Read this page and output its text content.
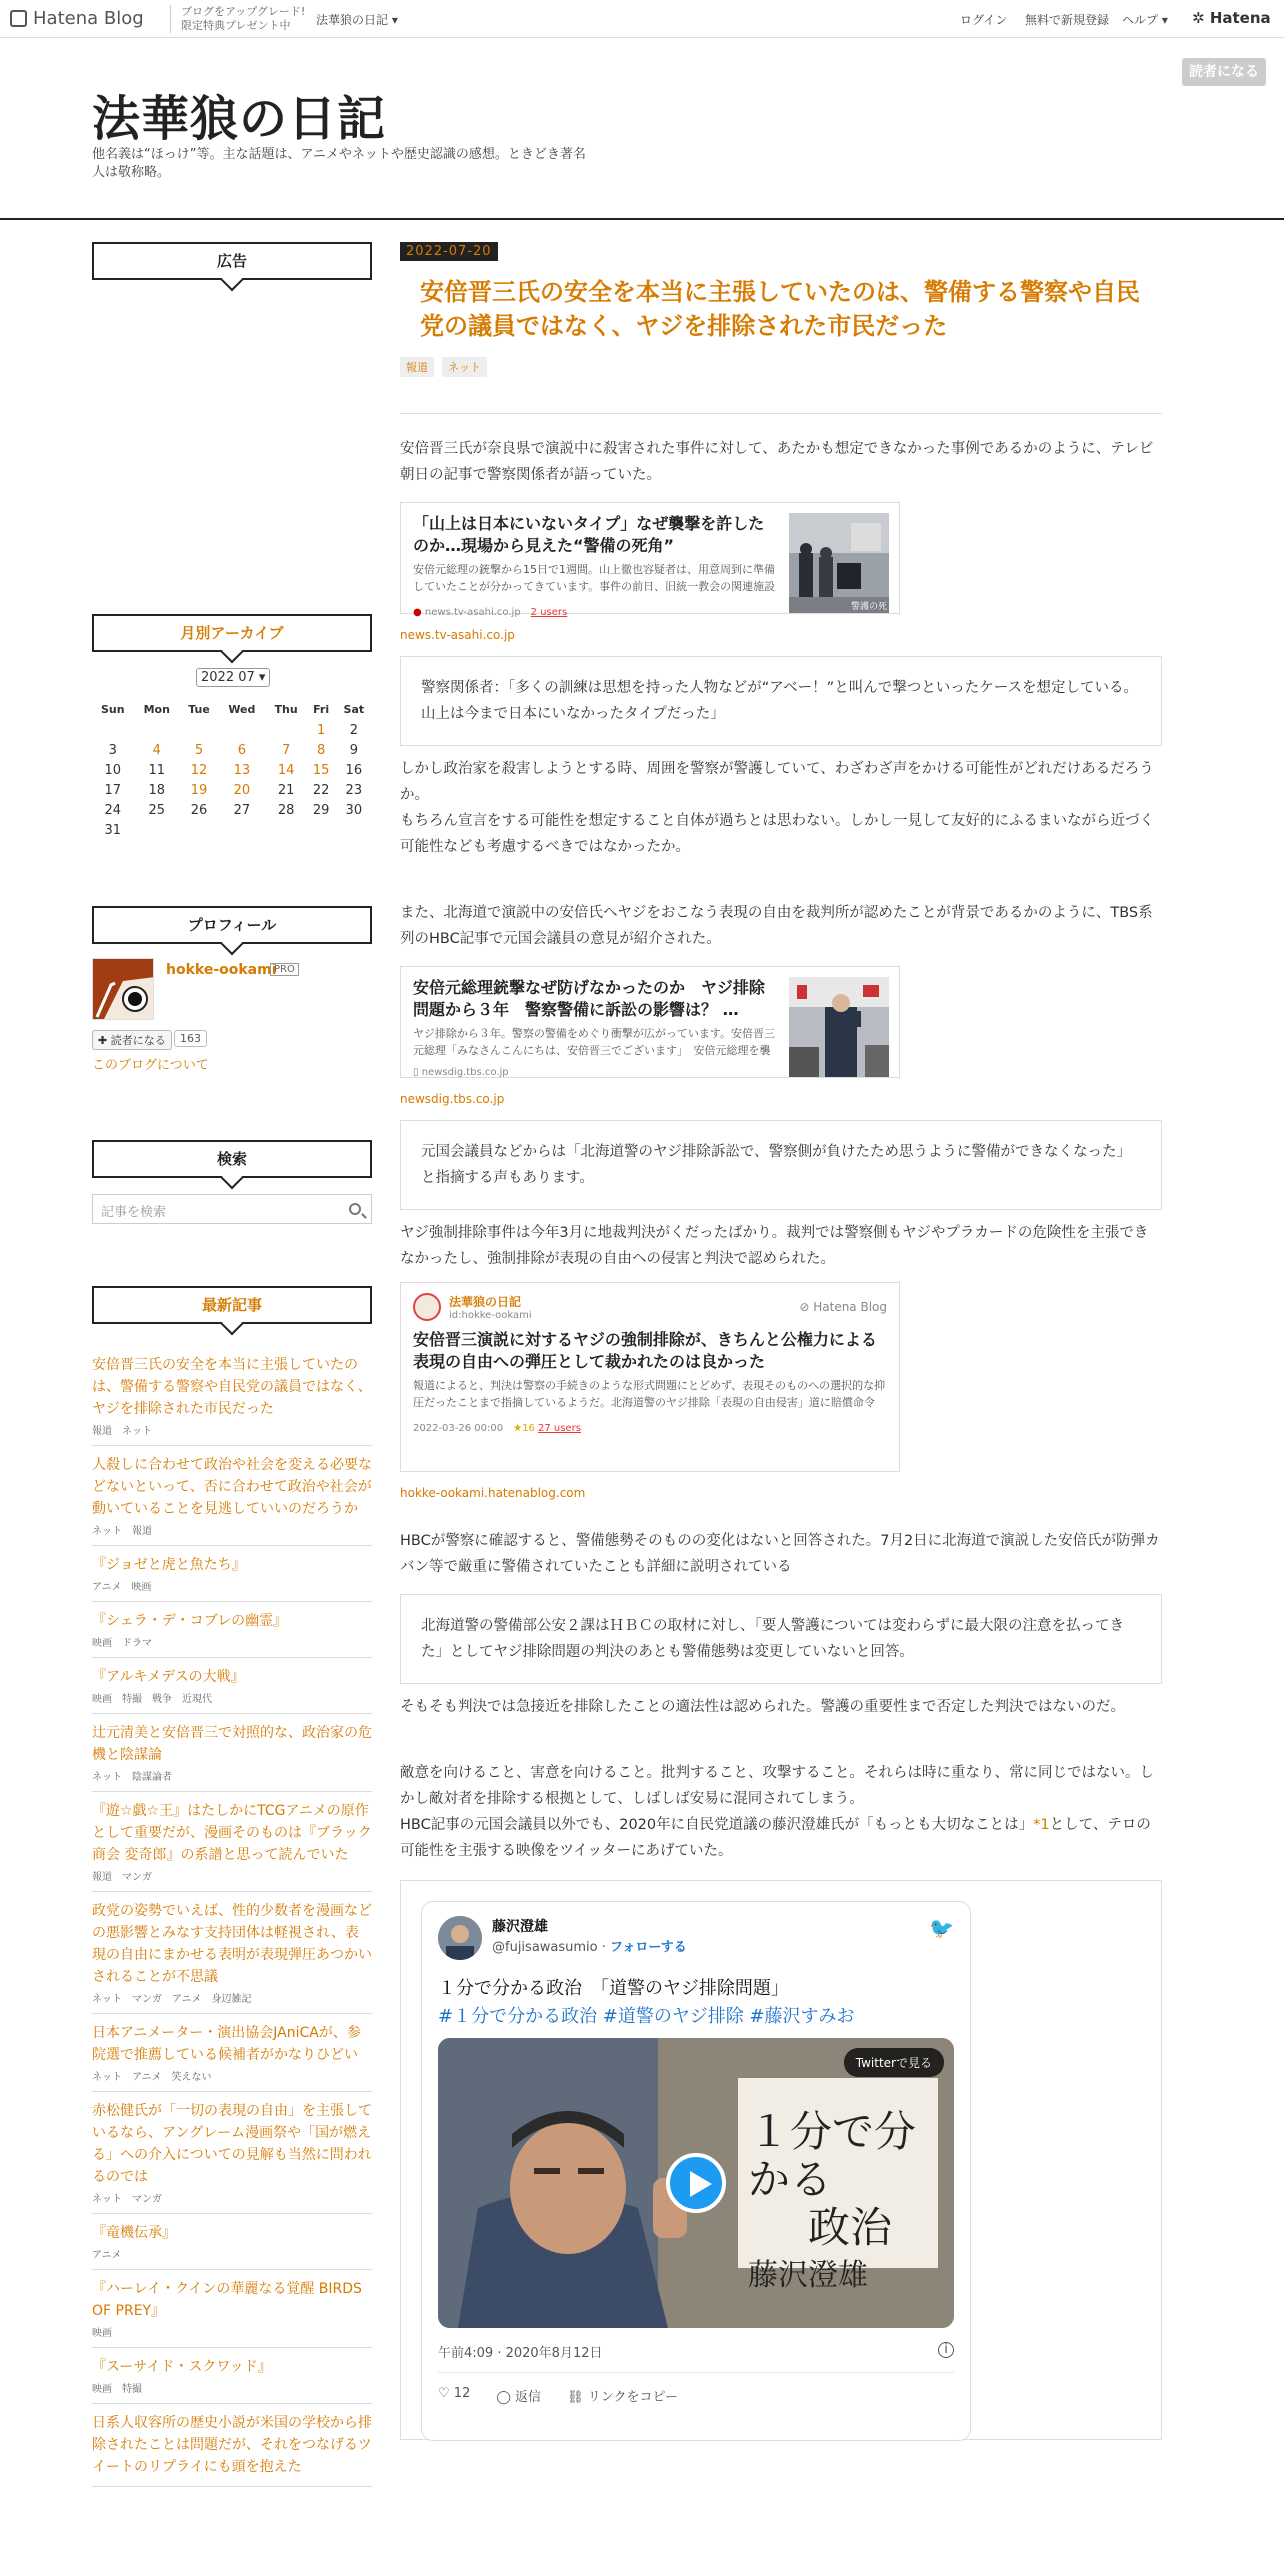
Hatena Blog	ブログをアップグレード!
限定特典プレゼント中	法華狼の日記 ▾	ログイン 無料で新規登録 ヘルプ ▾ ✲ Hatena
読者になる
法華狼の日記
他名義は“ほっけ”等。主な話題は、アニメやネットや歴史認識の感想。ときどき著名人は敬称略。
広告
月別アーカイブ
2022 07 ▾
Sun	Mon	Tue	Wed	Thu	Fri	Sat
					1	2
3	4	5	6	7	8	9
10	11	12	13	14	15	16
17	18	19	20	21	22	23
24	25	26	27	28	29	30
31						
プロフィール
hokke-ookami
PRO
✚ 読者になる	163
このブログについて
検索
記事を検索
最新記事
安倍晋三氏の安全を本当に主張していたのは、警備する警察や自民党の議員ではなく、ヤジを排除された市民だった
報道 ネット
人殺しに合わせて政治や社会を変える必要などないといって、否に合わせて政治や社会が動いていることを見逃していいのだろうか
ネット 報道
『ジョゼと虎と魚たち』
アニメ 映画
『シェラ・デ・コブレの幽霊』
映画 ドラマ
『アルキメデスの大戦』
映画 特撮 戦争 近現代
辻元清美と安倍晋三で対照的な、政治家の危機と陰謀論
ネット 陰謀論者
『遊☆戯☆王』はたしかにTCGアニメの原作として重要だが、漫画そのものは『ブラック商会 変奇郎』の系譜と思って読んでいた
報道 マンガ
政党の姿勢でいえば、性的少数者を漫画などの悪影響とみなす支持団体は軽視され、表現の自由にまかせる表明が表現弾圧あつかいされることが不思議
ネット マンガ アニメ 身辺雑記
日本アニメーター・演出協会JAniCAが、参院選で推薦している候補者がかなりひどい
ネット アニメ 笑えない
赤松健氏が「一切の表現の自由」を主張しているなら、アングレーム漫画祭や「国が燃える」への介入についての見解も当然に問われるのでは
ネット マンガ
『竜機伝承』
アニメ
『ハーレイ・クインの華麗なる覚醒 BIRDS OF PREY』
映画
『スーサイド・スクワッド』
映画 特撮
日系人収容所の歴史小説が米国の学校から排除されたことは問題だが、それをつなげるツイートのリプライにも頭を抱えた
2022-07-20
安倍晋三氏の安全を本当に主張していたのは、警備する警察や自民党の議員ではなく、ヤジを排除された市民だった
報道	ネット

安倍晋三氏が奈良県で演説中に殺害された事件に対して、あたかも想定できなかった事例であるかのように、テレビ朝日の記事で警察関係者が語っていた。

「山上は日本にいないタイプ」なぜ襲撃を許したのか…現場から見えた“警備の死角”
安倍元総理の銃撃から15日で1週間。山上徹也容疑者は、用意周到に準備していたことが分かってきています。事件の前日、旧統一教会の関連施設
● news.tv-asahi.co.jp　 2 users	警護の死
news.tv-asahi.co.jp
警察関係者：「多くの訓練は思想を持った人物などが“アベー！”と叫んで撃つといったケースを想定している。山上は今まで日本にいなかったタイプだった」

しかし政治家を殺害しようとする時、周囲を警察が警護していて、わざわざ声をかける可能性がどれだけあるだろうか。

もちろん宣言をする可能性を想定すること自体が過ちとは思わない。しかし一見して友好的にふるまいながら近づく可能性なども考慮するべきではなかったか。

また、北海道で演説中の安倍氏へヤジをおこなう表現の自由を裁判所が認めたことが背景であるかのように、TBS系列のHBC記事で元国会議員の意見が紹介された。

安倍元総理銃撃なぜ防げなかったのか　ヤジ排除問題から３年　警察警備に訴訟の影響は？ …
ヤジ排除から３年。警察の警備をめぐり衝撃が広がっています。安倍晋三元総理「みなさんこんにちは、安倍晋三でございます」　安倍元総理を襲
▯ newsdig.tbs.co.jp
newsdig.tbs.co.jp
元国会議員などからは「北海道警のヤジ排除訴訟で、警察側が負けたため思うように警備ができなくなった」と指摘する声もあります。

ヤジ強制排除事件は今年3月に地裁判決がくだったばかり。裁判では警察側もヤジやプラカードの危険性を主張できなかったし、強制排除が表現の自由への侵害と判決で認められた。

法華狼の日記
id:hokke-ookami
⊘ Hatena Blog
安倍晋三演説に対するヤジの強制排除が、きちんと公権力による表現の自由への弾圧として裁かれたのは良かった
報道によると、判決は警察の手続きのような形式問題にとどめず、表現そのものへの選択的な抑圧だったことまで指摘しているようだ。北海道警のヤジ排除「表現の自由侵害」道に賠償命令
2022-03-26 00:00　 ★16 27 users
hokke-ookami.hatenablog.com

HBCが警察に確認すると、警備態勢そのものの変化はないと回答された。7月2日に北海道で演説した安倍氏が防弾カバン等で厳重に警備されていたことも詳細に説明されている

北海道警の警備部公安２課はＨＢＣの取材に対し、「要人警護については変わらずに最大限の注意を払ってきた」としてヤジ排除問題の判決のあとも警備態勢は変更していないと回答。

そもそも判決では急接近を排除したことの適法性は認められた。警護の重要性まで否定した判決ではないのだ。

敵意を向けること、害意を向けること。批判すること、攻撃すること。それらは時に重なり、常に同じではない。しかし敵対者を排除する根拠として、しばしば安易に混同されてしまう。

HBC記事の元国会議員以外でも、2020年に自民党道議の藤沢澄雄氏が「もっとも大切なことは」*1として、テロの可能性を主張する映像をツイッターにあげていた。

藤沢澄雄
@fujisawasumio · フォローする
🐦
１分で分かる政治　「道警のヤジ排除問題」
#１分で分かる政治 #道警のヤジ排除 #藤沢すみお
１分で分かる
政治
藤沢澄雄
Twitterで見る
午前4:09 · 2020年8月12日	i
♡ 12 ◯ 返信 ⛓ リンクをコピー
